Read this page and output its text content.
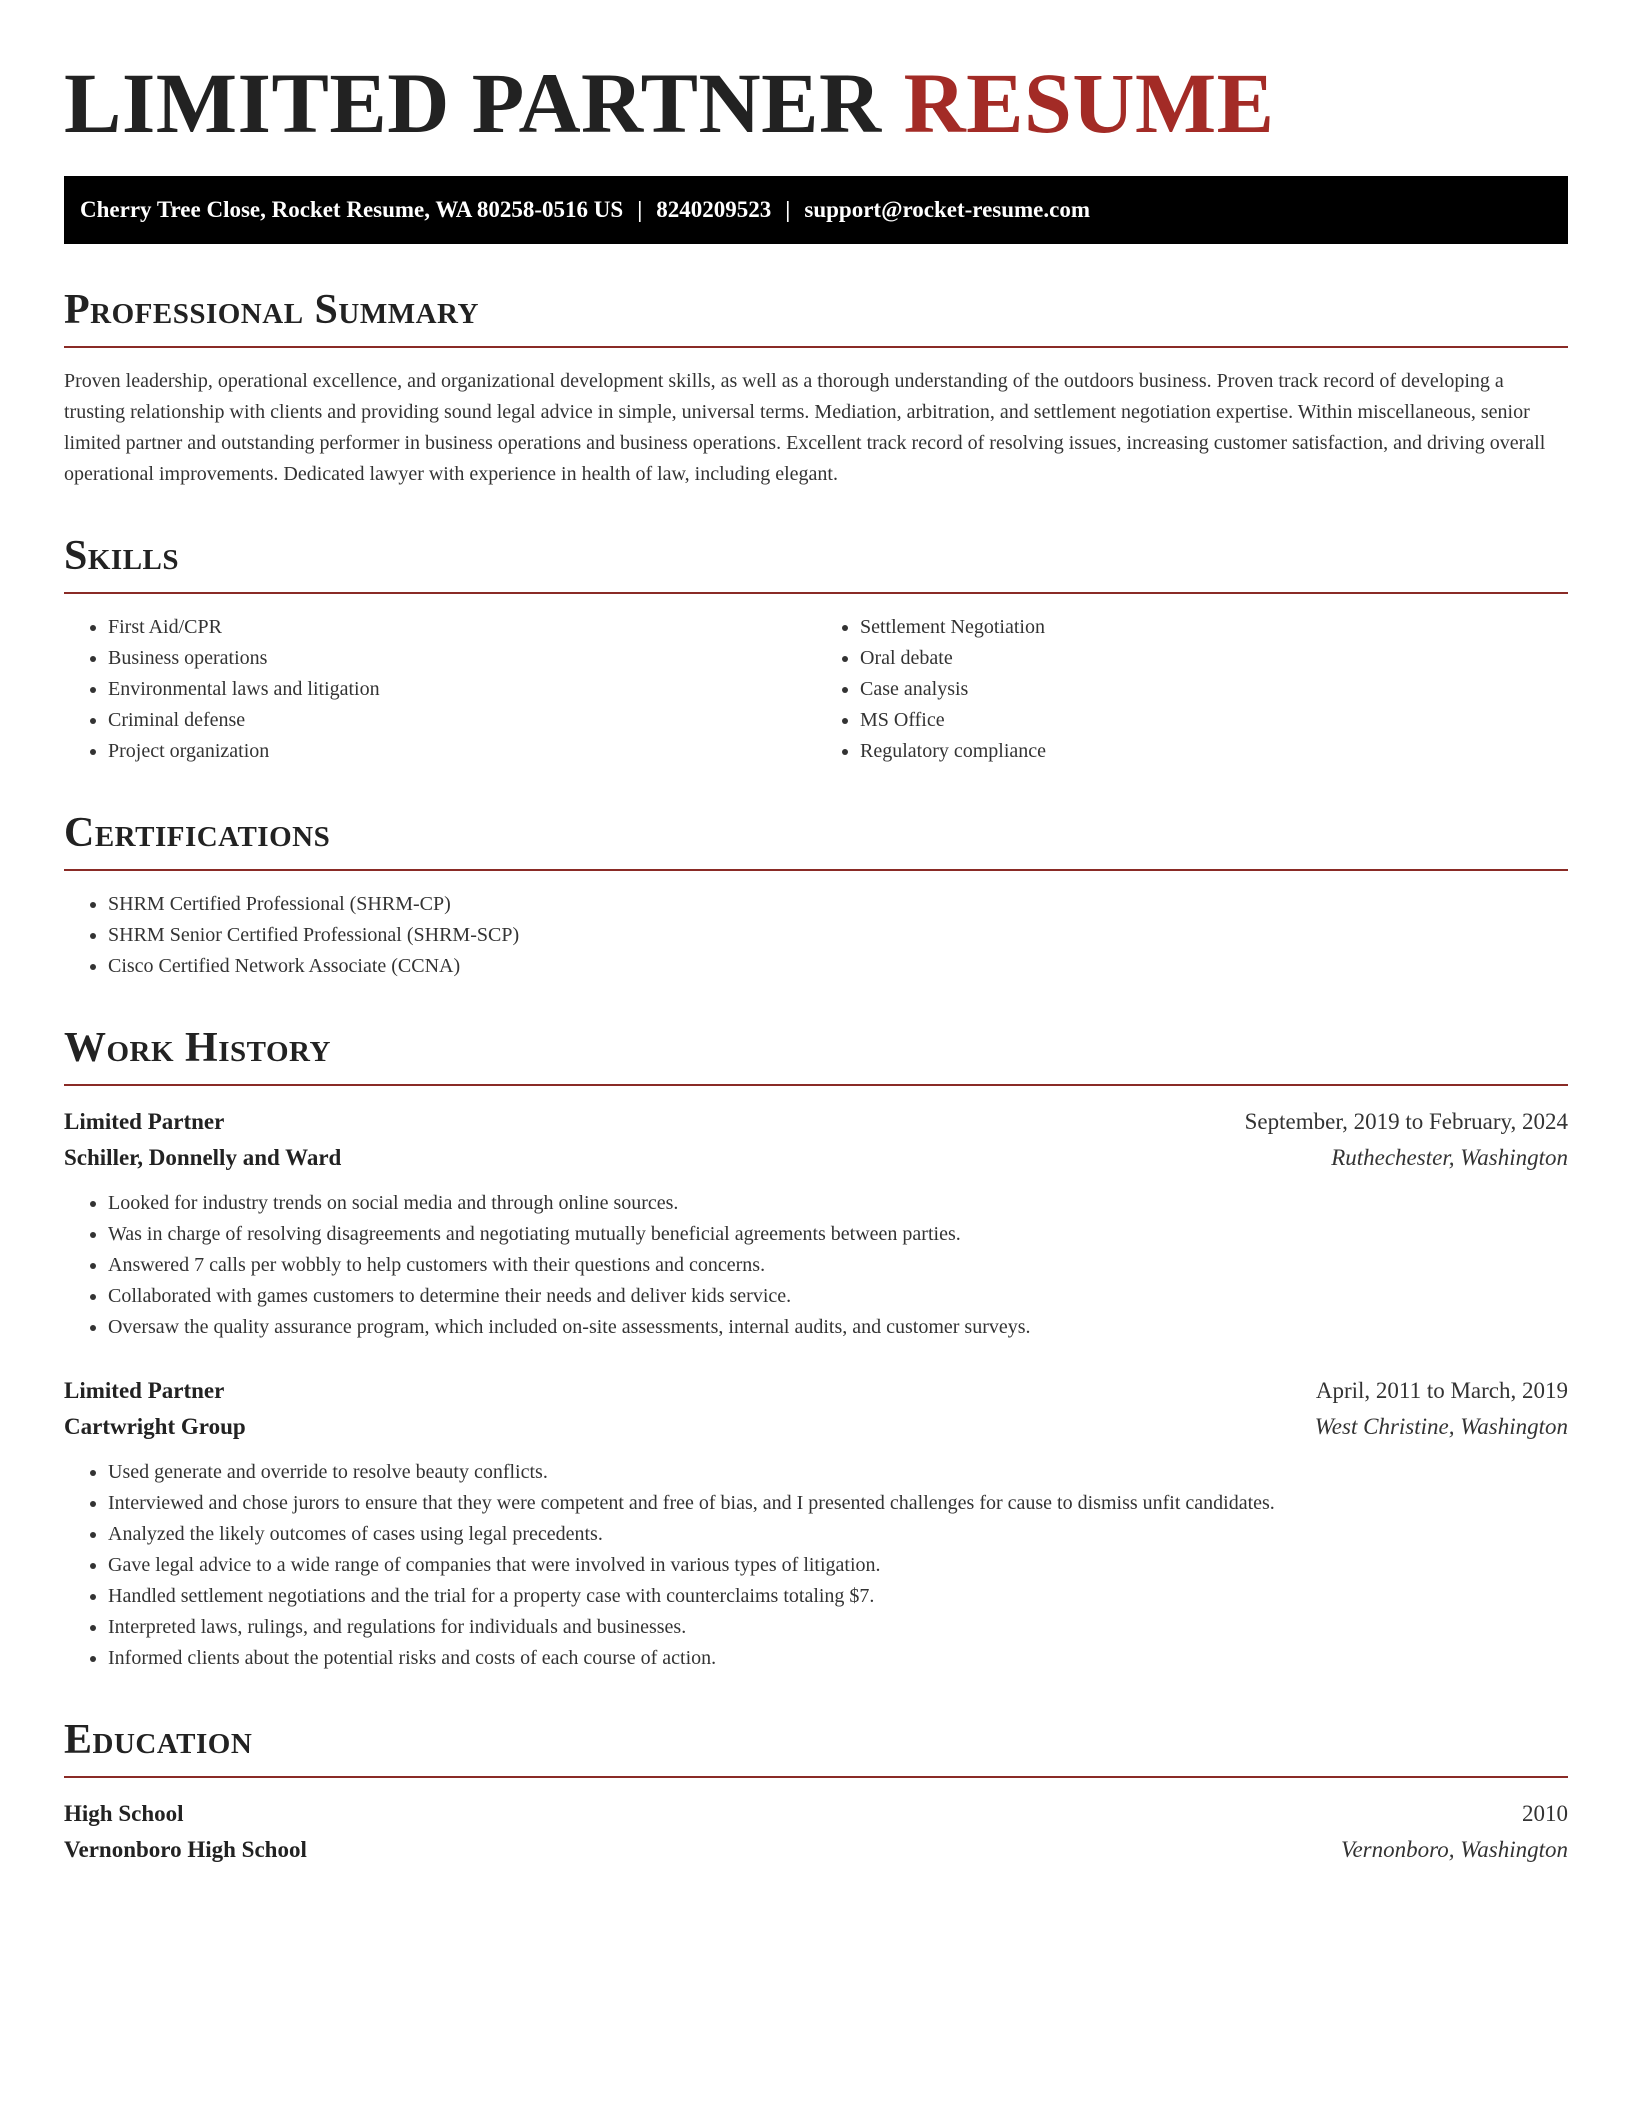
LIMITED PARTNER RESUME
Cherry Tree Close, Rocket Resume, WA 80258-0516 US | 8240209523 | support@rocket-resume.com
Professional Summary

Proven leadership, operational excellence, and organizational development skills, as well as a thorough understanding of the outdoors business. Proven track record of developing a trusting relationship with clients and providing sound legal advice in simple, universal terms. Mediation, arbitration, and settlement negotiation expertise. Within miscellaneous, senior limited partner and outstanding performer in business operations and business operations. Excellent track record of resolving issues, increasing customer satisfaction, and driving overall operational improvements. Dedicated lawyer with experience in health of law, including elegant.

Skills
• First Aid/CPR
• Business operations
• Environmental laws and litigation
• Criminal defense
• Project organization
• Settlement Negotiation
• Oral debate
• Case analysis
• MS Office
• Regulatory compliance
Certifications
• SHRM Certified Professional (SHRM-CP)
• SHRM Senior Certified Professional (SHRM-SCP)
• Cisco Certified Network Associate (CCNA)
Work History
Limited Partner	September, 2019 to February, 2024
Schiller, Donnelly and Ward	Ruthechester, Washington
• Looked for industry trends on social media and through online sources.
• Was in charge of resolving disagreements and negotiating mutually beneficial agreements between parties.
• Answered 7 calls per wobbly to help customers with their questions and concerns.
• Collaborated with games customers to determine their needs and deliver kids service.
• Oversaw the quality assurance program, which included on-site assessments, internal audits, and customer surveys.
Limited Partner	April, 2011 to March, 2019
Cartwright Group	West Christine, Washington
• Used generate and override to resolve beauty conflicts.
• Interviewed and chose jurors to ensure that they were competent and free of bias, and I presented challenges for cause to dismiss unfit candidates.
• Analyzed the likely outcomes of cases using legal precedents.
• Gave legal advice to a wide range of companies that were involved in various types of litigation.
• Handled settlement negotiations and the trial for a property case with counterclaims totaling $7.
• Interpreted laws, rulings, and regulations for individuals and businesses.
• Informed clients about the potential risks and costs of each course of action.
Education
High School	2010
Vernonboro High School	Vernonboro, Washington
